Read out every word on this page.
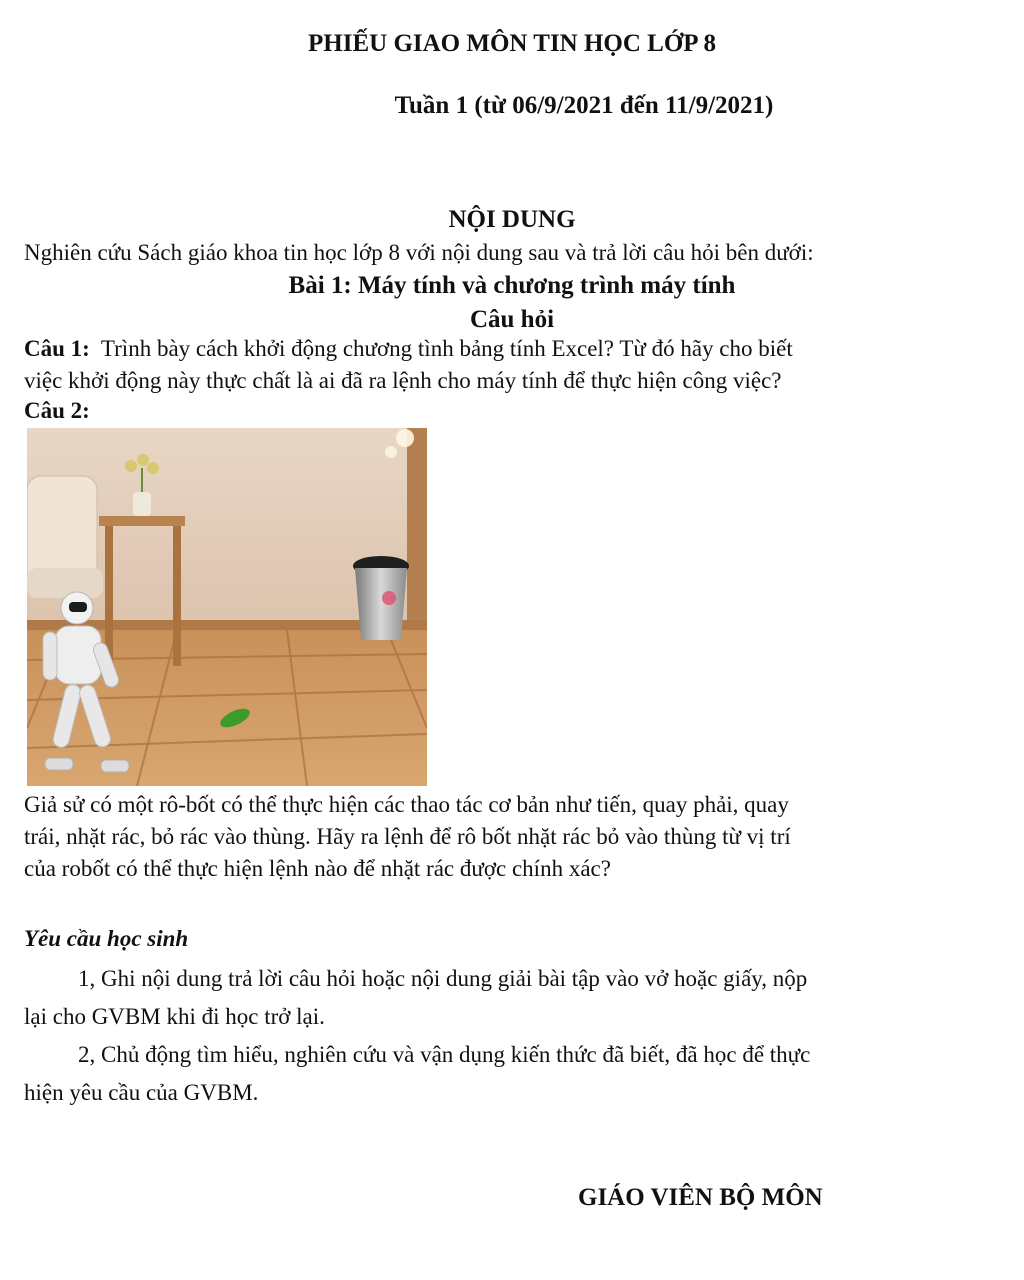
PHIẾU GIAO MÔN TIN HỌC LỚP 8
Tuần 1 (từ 06/9/2021 đến 11/9/2021)
NỘI DUNG
Nghiên cứu Sách giáo khoa tin học lớp 8 với nội dung sau và trả lời câu hỏi bên dưới:
Bài 1: Máy tính và chương trình máy tính
Câu hỏi
Câu 1: Trình bày cách khởi động chương tình bảng tính Excel? Từ đó hãy cho biết
việc khởi động này thực chất là ai đã ra lệnh cho máy tính để thực hiện công việc?
Câu 2:
Giả sử có một rô-bốt có thể thực hiện các thao tác cơ bản như tiến, quay phải, quay
trái, nhặt rác, bỏ rác vào thùng. Hãy ra lệnh để rô bốt nhặt rác bỏ vào thùng từ vị trí
của robốt có thể thực hiện lệnh nào để nhặt rác được chính xác?
Yêu cầu học sinh
1, Ghi nội dung trả lời câu hỏi hoặc nội dung giải bài tập vào vở hoặc giấy, nộp
lại cho GVBM khi đi học trở lại.
2, Chủ động tìm hiểu, nghiên cứu và vận dụng kiến thức đã biết, đã học để thực
hiện yêu cầu của GVBM.
GIÁO VIÊN BỘ MÔN
